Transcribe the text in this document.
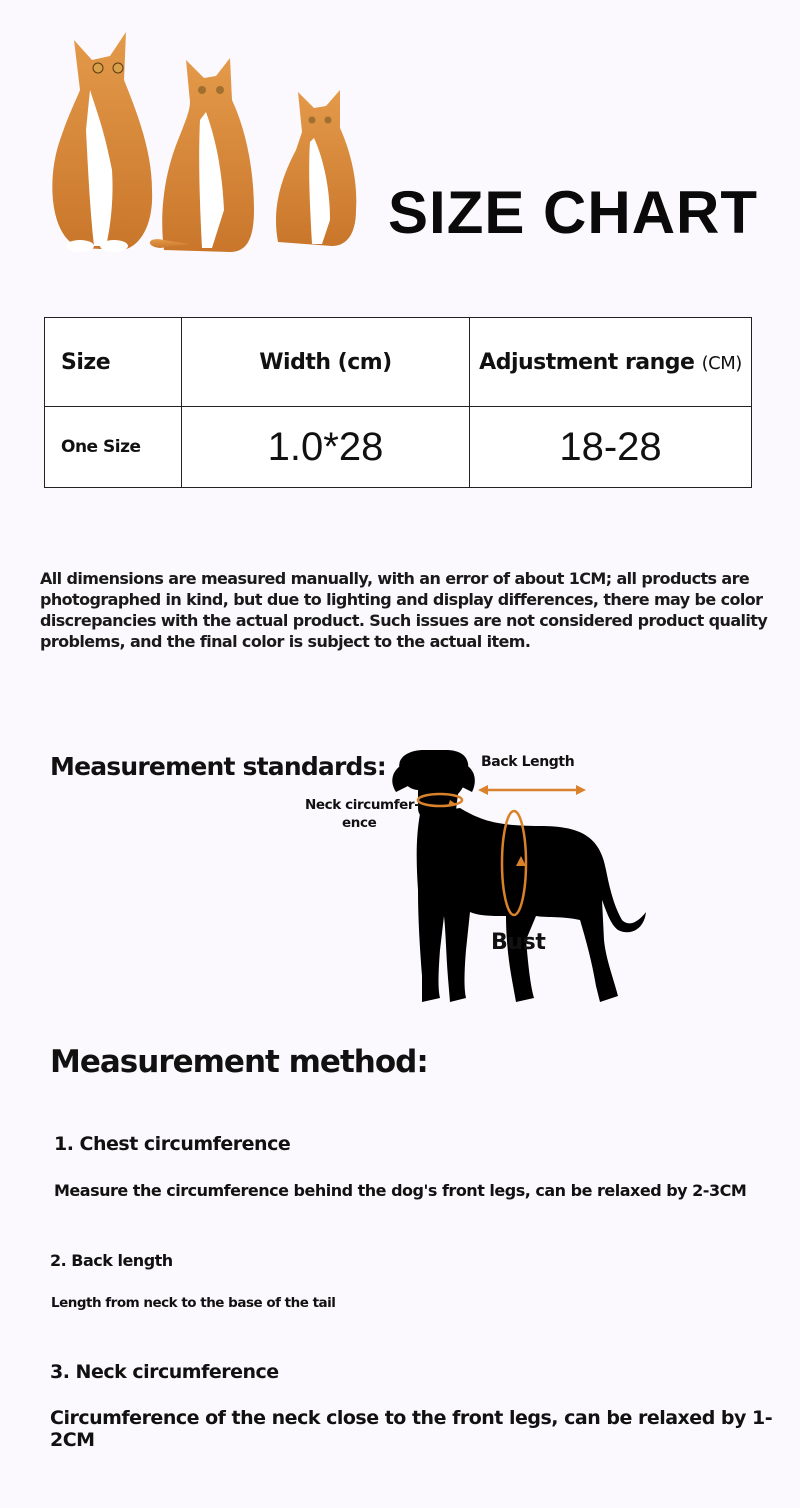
SIZE CHART
Size	Width (cm)	Adjustment range (CM)
One Size	1.0*28	18-28
All dimensions are measured manually, with an error of about 1CM; all products are photographed in kind, but due to lighting and display differences, there may be color discrepancies with the actual product. Such issues are not considered product quality problems, and the final color is subject to the actual item.
Measurement standards:	Back Length
Neck circumfer-
ence
Bust
Measurement method:
1. Chest circumference
Measure the circumference behind the dog's front legs, can be relaxed by 2-3CM
2. Back length
Length from neck to the base of the tail
3. Neck circumference
Circumference of the neck close to the front legs, can be relaxed by 1-2CM
